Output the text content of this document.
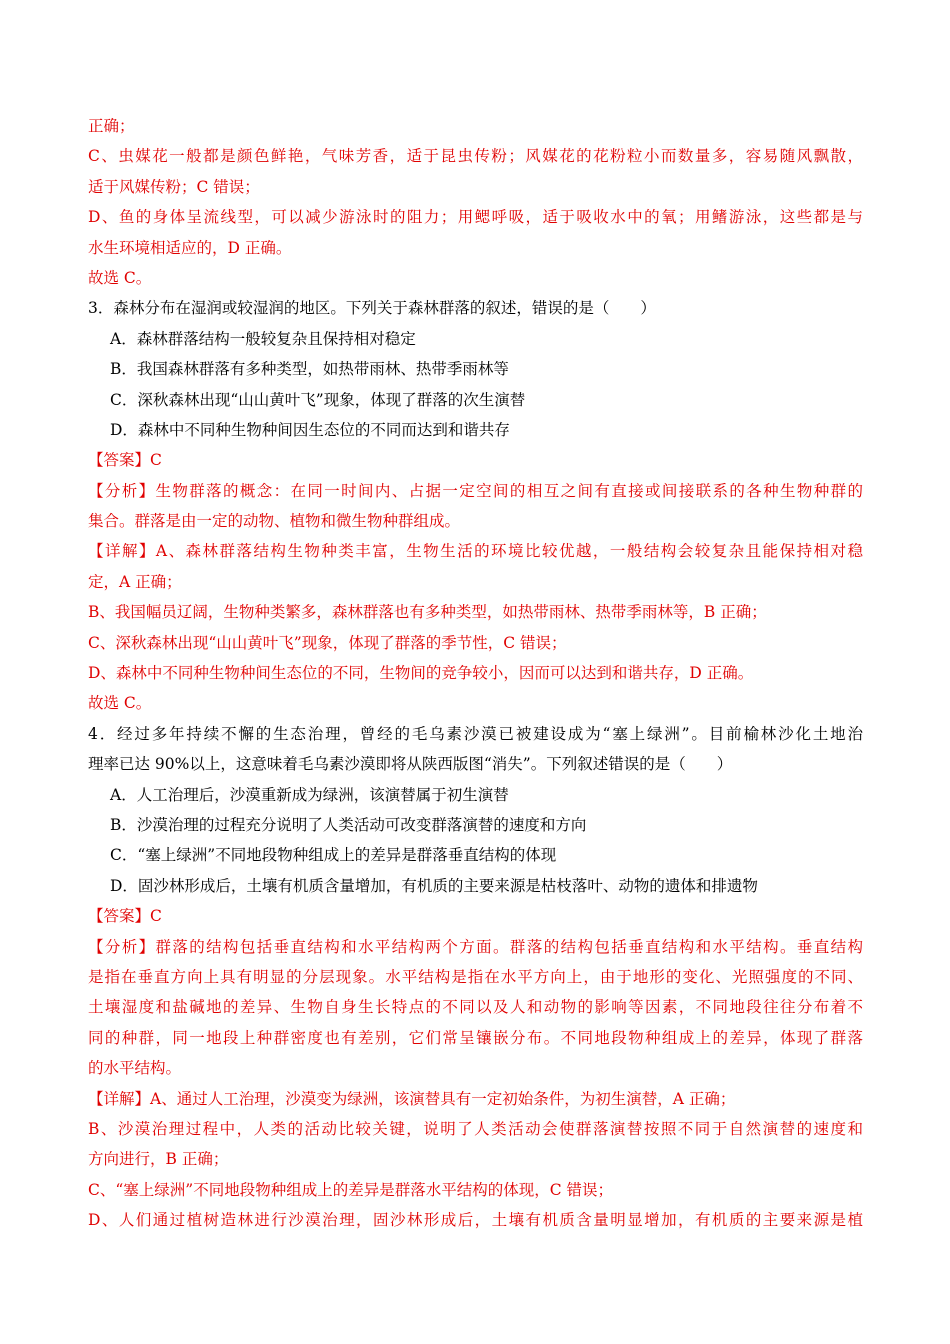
正确；
C、虫媒花一般都是颜色鲜艳，气味芳香，适于昆虫传粉；风媒花的花粉粒小而数量多，容易随风飘散，
适于风媒传粉；C 错误；
D、鱼的身体呈流线型，可以减少游泳时的阻力；用鳃呼吸，适于吸收水中的氧；用鳍游泳，这些都是与
水生环境相适应的，D 正确。
故选 C。
3．森林分布在湿润或较湿润的地区。下列关于森林群落的叙述，错误的是（　　）
A．森林群落结构一般较复杂且保持相对稳定
B．我国森林群落有多种类型，如热带雨林、热带季雨林等
C．深秋森林出现“山山黄叶飞”现象，体现了群落的次生演替
D．森林中不同种生物种间因生态位的不同而达到和谐共存
【答案】C
【分析】生物群落的概念：在同一时间内、占据一定空间的相互之间有直接或间接联系的各种生物种群的
集合。群落是由一定的动物、植物和微生物种群组成。
【详解】A、森林群落结构生物种类丰富，生物生活的环境比较优越，一般结构会较复杂且能保持相对稳
定，A 正确；
B、我国幅员辽阔，生物种类繁多，森林群落也有多种类型，如热带雨林、热带季雨林等，B 正确；
C、深秋森林出现“山山黄叶飞”现象，体现了群落的季节性，C 错误；
D、森林中不同种生物种间生态位的不同，生物间的竞争较小，因而可以达到和谐共存，D 正确。
故选 C。
4．经过多年持续不懈的生态治理，曾经的毛乌素沙漠已被建设成为“塞上绿洲”。目前榆林沙化土地治
理率已达 90%以上，这意味着毛乌素沙漠即将从陕西版图“消失”。下列叙述错误的是（　　）
A．人工治理后，沙漠重新成为绿洲，该演替属于初生演替
B．沙漠治理的过程充分说明了人类活动可改变群落演替的速度和方向
C．“塞上绿洲”不同地段物种组成上的差异是群落垂直结构的体现
D．固沙林形成后，土壤有机质含量增加，有机质的主要来源是枯枝落叶、动物的遗体和排遗物
【答案】C
【分析】群落的结构包括垂直结构和水平结构两个方面。群落的结构包括垂直结构和水平结构。垂直结构
是指在垂直方向上具有明显的分层现象。水平结构是指在水平方向上，由于地形的变化、光照强度的不同、
土壤湿度和盐碱地的差异、生物自身生长特点的不同以及人和动物的影响等因素，不同地段往往分布着不
同的种群，同一地段上种群密度也有差别，它们常呈镶嵌分布。不同地段物种组成上的差异，体现了群落
的水平结构。
【详解】A、通过人工治理，沙漠变为绿洲，该演替具有一定初始条件，为初生演替，A 正确；
B、沙漠治理过程中，人类的活动比较关键，说明了人类活动会使群落演替按照不同于自然演替的速度和
方向进行，B 正确；
C、“塞上绿洲”不同地段物种组成上的差异是群落水平结构的体现，C 错误；
D、人们通过植树造林进行沙漠治理，固沙林形成后，土壤有机质含量明显增加，有机质的主要来源是植
